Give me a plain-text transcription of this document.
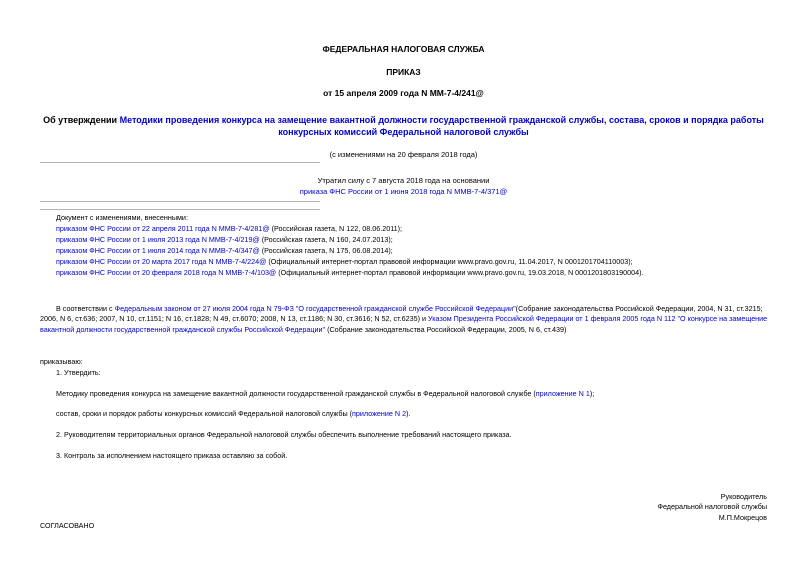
ФЕДЕРАЛЬНАЯ НАЛОГОВАЯ СЛУЖБА
ПРИКАЗ
от 15 апреля 2009 года N ММ-7-4/241@
Об утверждении Методики проведения конкурса на замещение вакантной должности государственной гражданской службы, состава, сроков и порядка работы конкурсных комиссий Федеральной налоговой службы
(с изменениями на 20 февраля 2018 года)
Утратил силу с 7 августа 2018 года на основании
приказа ФНС России от 1 июня 2018 года N ММВ-7-4/371@
Документ с изменениями, внесенными:
приказом ФНС России от 22 апреля 2011 года N ММВ-7-4/281@ (Российская газета, N 122, 08.06.2011);
приказом ФНС России от 1 июля 2013 года N ММВ-7-4/219@ (Российская газета, N 160, 24.07.2013);
приказом ФНС России от 1 июля 2014 года N ММВ-7-4/347@ (Российская газета, N 175, 06.08.2014);
приказом ФНС России от 20 марта 2017 года N ММВ-7-4/224@ (Официальный интернет-портал правовой информации www.pravo.gov.ru, 11.04.2017, N 0001201704110003);
приказом ФНС России от 20 февраля 2018 года N ММВ-7-4/103@ (Официальный интернет-портал правовой информации www.pravo.gov.ru, 19.03.2018, N 0001201803190004).
В соответствии с Федеральным законом от 27 июля 2004 года N 79-ФЗ "О государственной гражданской службе Российской Федерации"(Собрание законодательства Российской Федерации, 2004, N 31, ст.3215; 2006, N 6, ст.636; 2007, N 10, ст.1151; N 16, ст.1828; N 49, ст.6070; 2008, N 13, ст.1186; N 30, ст.3616; N 52, ст.6235) и Указом Президента Российской Федерации от 1 февраля 2005 года N 112 "О конкурсе на замещение вакантной должности государственной гражданской службы Российской Федерации" (Собрание законодательства Российской Федерации, 2005, N 6, ст.439)
приказываю:
1. Утвердить:
Методику проведения конкурса на замещение вакантной должности государственной гражданской службы в Федеральной налоговой службе (приложение N 1);
состав, сроки и порядок работы конкурсных комиссий Федеральной налоговой службы (приложение N 2).
2. Руководителям территориальных органов Федеральной налоговой службы обеспечить выполнение требований настоящего приказа.
3. Контроль за исполнением настоящего приказа оставляю за собой.
Руководитель
Федеральной налоговой службы
М.П.Мокрецов
СОГЛАСОВАНО
